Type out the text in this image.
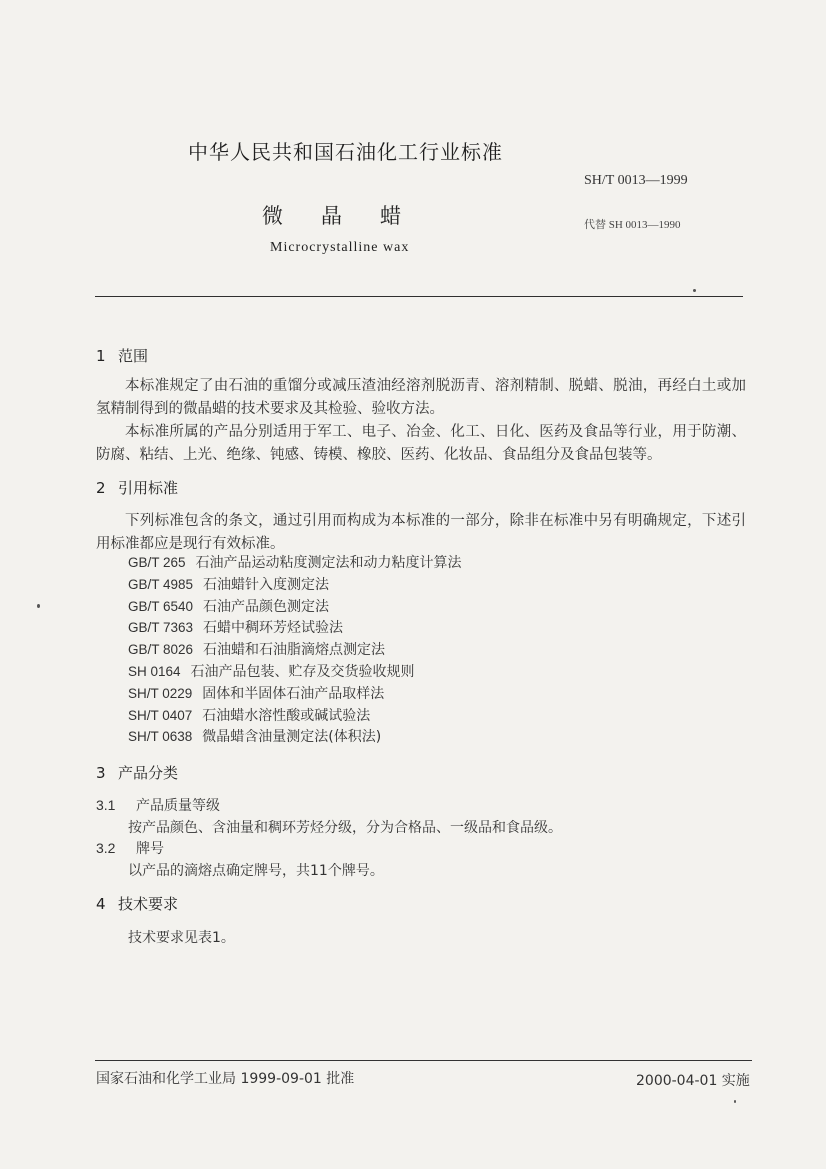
中华人民共和国石油化工行业标准
SH/T 0013—1999
微晶蜡	代替 SH 0013—1990
Microcrystalline wax
1 范围
本标准规定了由石油的重馏分或减压渣油经溶剂脱沥青、溶剂精制、脱蜡、脱油，再经白土或加氢精制得到的微晶蜡的技术要求及其检验、验收方法。
本标准所属的产品分别适用于军工、电子、冶金、化工、日化、医药及食品等行业，用于防潮、防腐、粘结、上光、绝缘、钝感、铸模、橡胶、医药、化妆品、食品组分及食品包装等。
2 引用标准
下列标准包含的条文，通过引用而构成为本标准的一部分，除非在标准中另有明确规定，下述引用标准都应是现行有效标准。
GB/T 265 石油产品运动粘度测定法和动力粘度计算法
GB/T 4985 石油蜡针入度测定法
GB/T 6540 石油产品颜色测定法
GB/T 7363 石蜡中稠环芳烃试验法
GB/T 8026 石油蜡和石油脂滴熔点测定法
SH 0164 石油产品包装、贮存及交货验收规则
SH/T 0229 固体和半固体石油产品取样法
SH/T 0407 石油蜡水溶性酸或碱试验法
SH/T 0638 微晶蜡含油量测定法(体积法)
3 产品分类
3.1 产品质量等级
按产品颜色、含油量和稠环芳烃分级，分为合格品、一级品和食品级。
3.2 牌号
以产品的滴熔点确定牌号，共11个牌号。
4 技术要求
技术要求见表1。
国家石油和化学工业局 1999-09-01 批准	2000-04-01 实施
